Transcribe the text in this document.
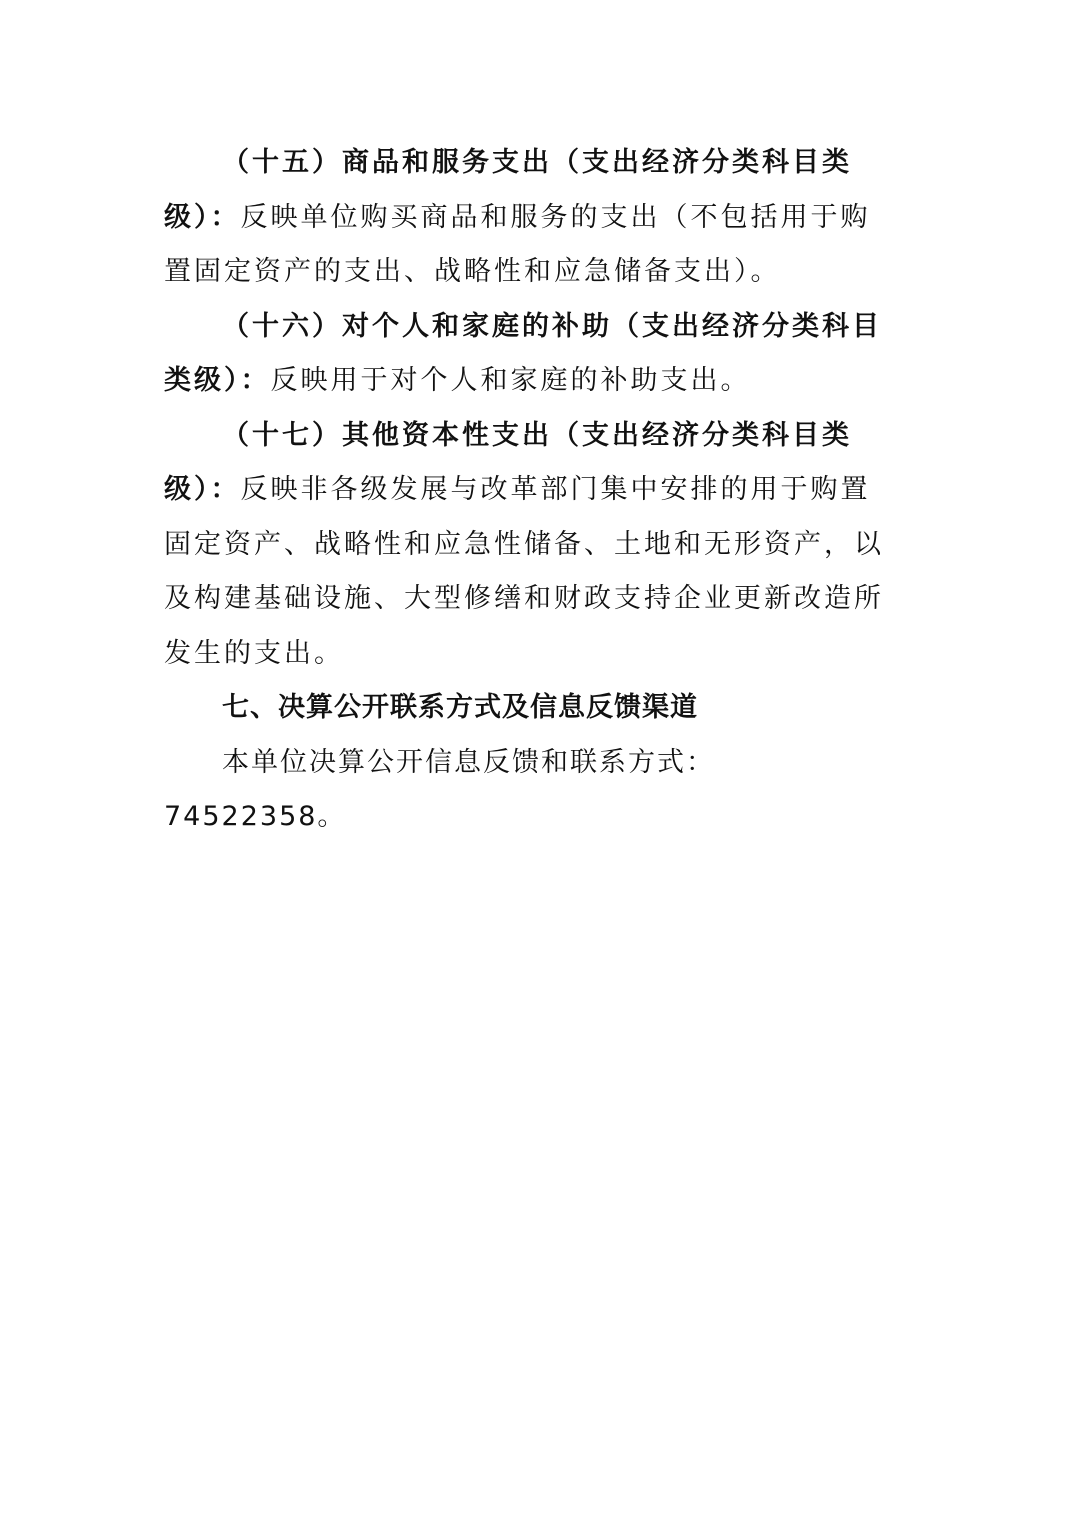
（十五）商品和服务支出（支出经济分类科目类级）：反映单位购买商品和服务的支出（不包括用于购置固定资产的支出、战略性和应急储备支出）。

（十六）对个人和家庭的补助（支出经济分类科目类级）：反映用于对个人和家庭的补助支出。

（十七）其他资本性支出（支出经济分类科目类级）：反映非各级发展与改革部门集中安排的用于购置固定资产、战略性和应急性储备、土地和无形资产，以及构建基础设施、大型修缮和财政支持企业更新改造所发生的支出。

七、决算公开联系方式及信息反馈渠道

本单位决算公开信息反馈和联系方式：74522358。
